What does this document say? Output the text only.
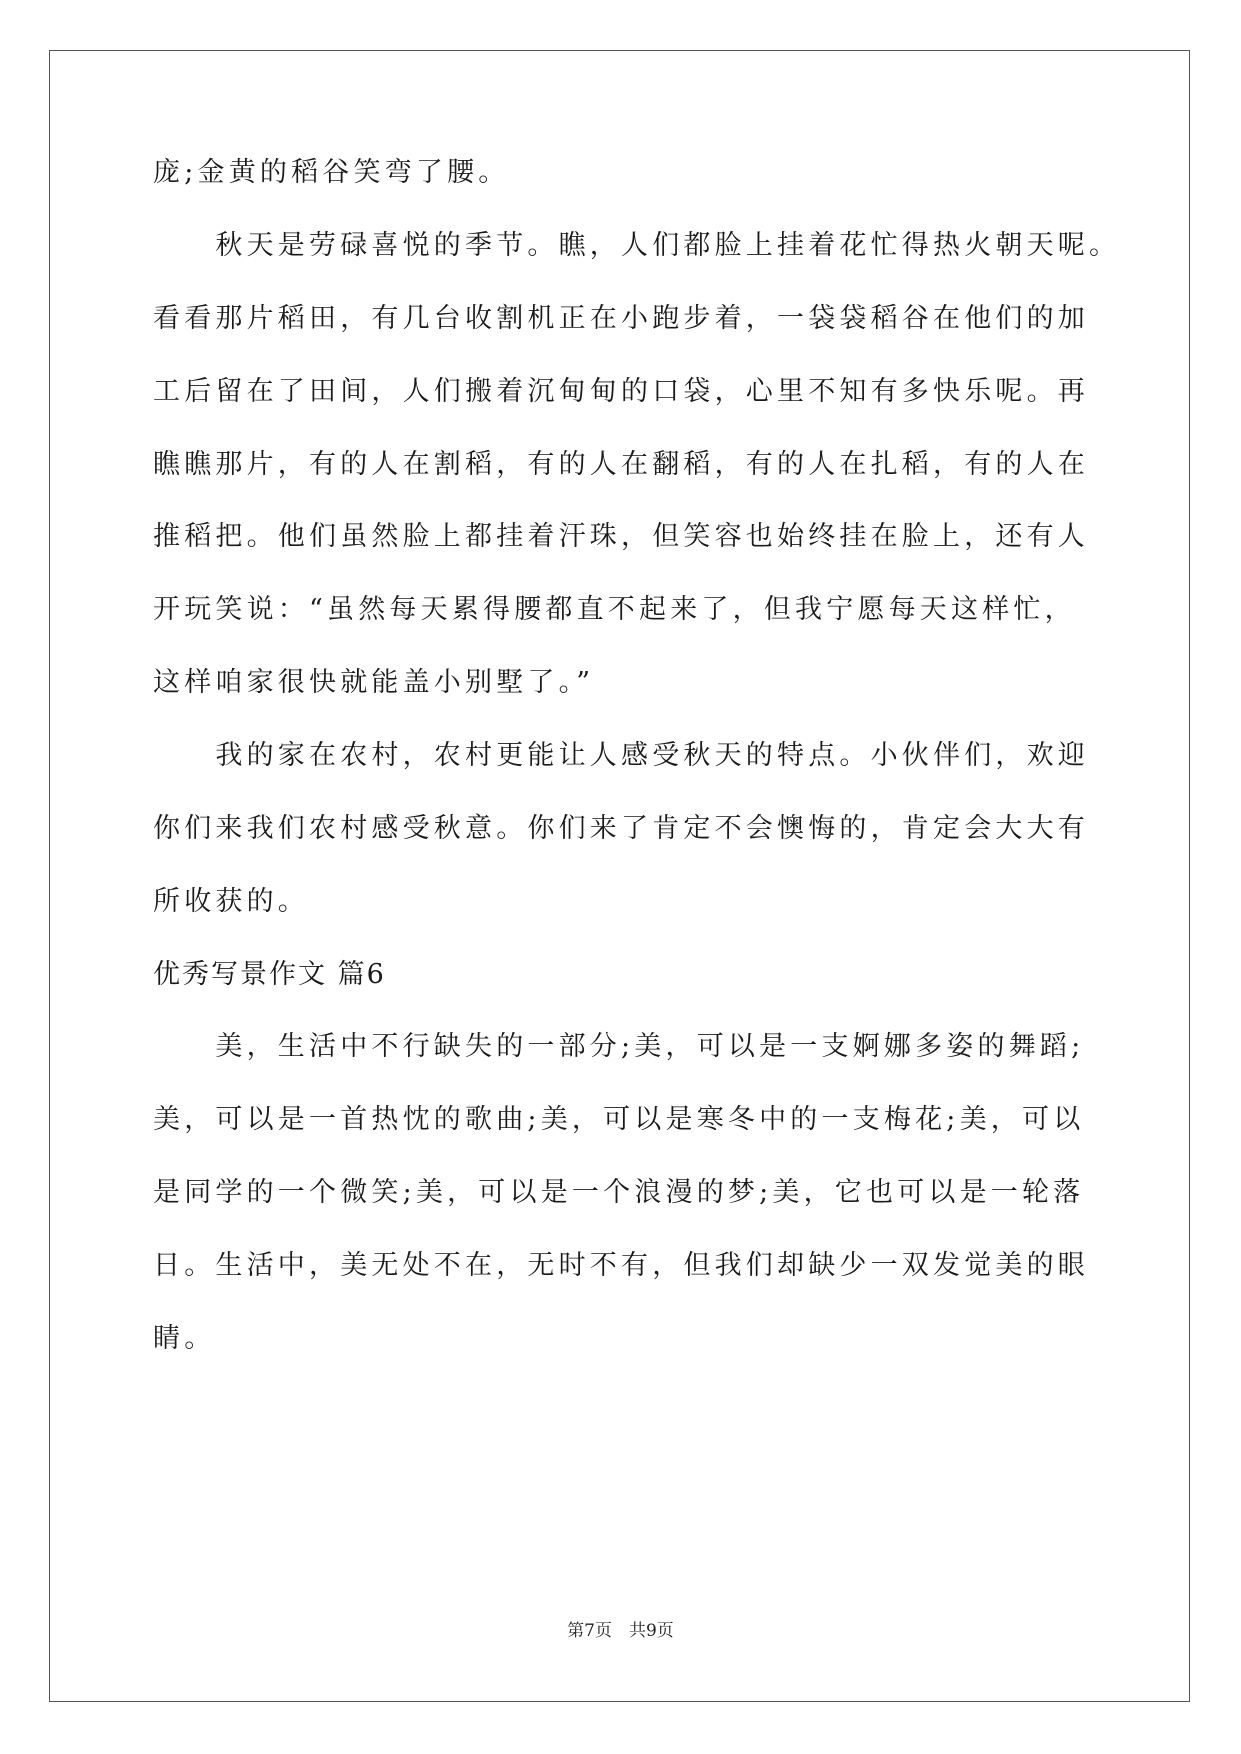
庞;金黄的稻谷笑弯了腰。

　　秋天是劳碌喜悦的季节。瞧，人们都脸上挂着花忙得热火朝天呢。

看看那片稻田，有几台收割机正在小跑步着，一袋袋稻谷在他们的加

工后留在了田间，人们搬着沉甸甸的口袋，心里不知有多快乐呢。再

瞧瞧那片，有的人在割稻，有的人在翻稻，有的人在扎稻，有的人在

推稻把。他们虽然脸上都挂着汗珠，但笑容也始终挂在脸上，还有人

开玩笑说：“虽然每天累得腰都直不起来了，但我宁愿每天这样忙，

这样咱家很快就能盖小别墅了。”

　　我的家在农村，农村更能让人感受秋天的特点。小伙伴们，欢迎

你们来我们农村感受秋意。你们来了肯定不会懊悔的，肯定会大大有

所收获的。

优秀写景作文 篇6

　　美，生活中不行缺失的一部分;美，可以是一支婀娜多姿的舞蹈;

美，可以是一首热忱的歌曲;美，可以是寒冬中的一支梅花;美，可以

是同学的一个微笑;美，可以是一个浪漫的梦;美，它也可以是一轮落

日。生活中，美无处不在，无时不有，但我们却缺少一双发觉美的眼

睛。

第7页　共9页
